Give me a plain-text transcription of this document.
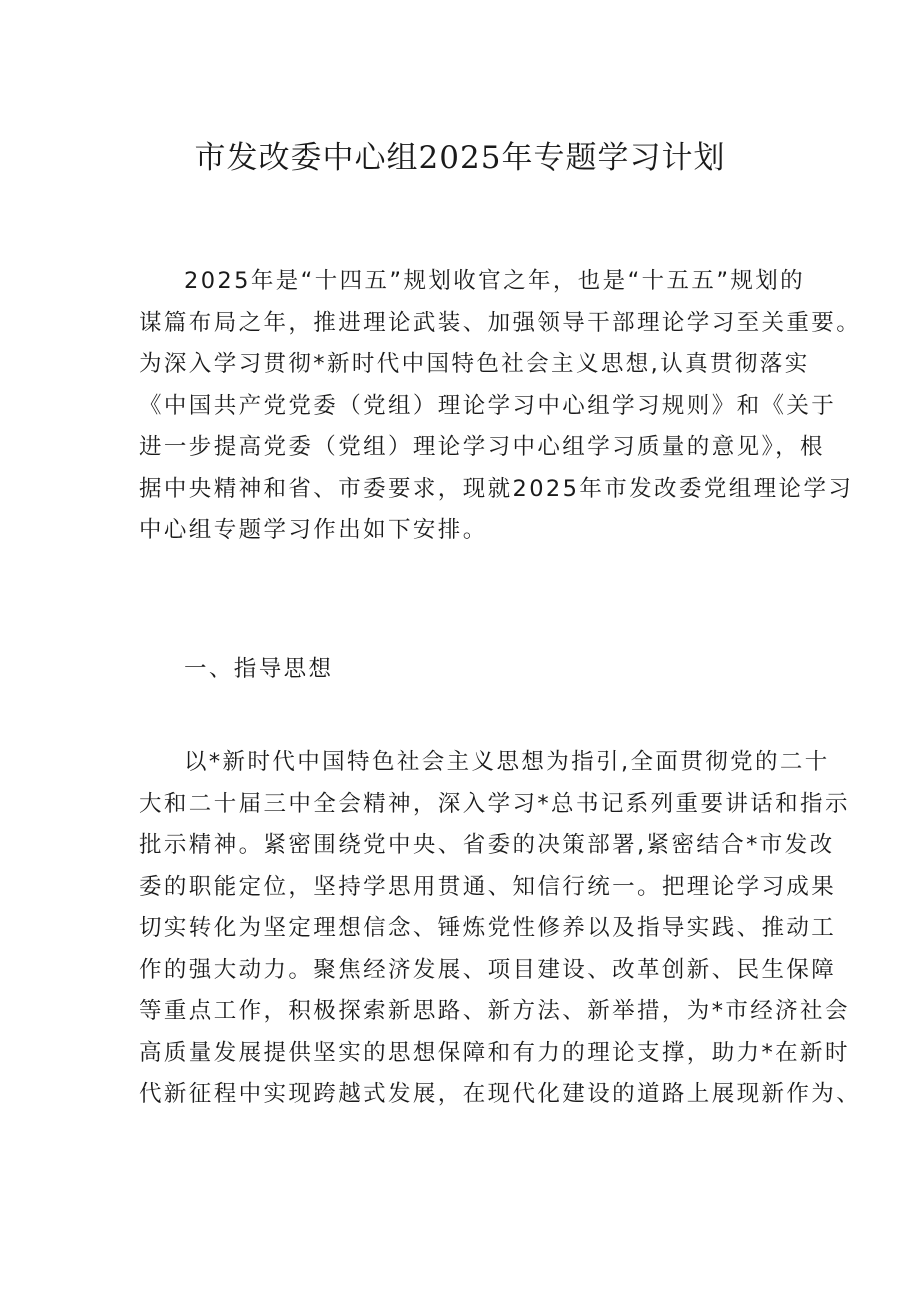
市发改委中心组2025年专题学习计划
2025年是“十四五”规划收官之年，也是“十五五”规划的
谋篇布局之年，推进理论武装、加强领导干部理论学习至关重要。
为深入学习贯彻*新时代中国特色社会主义思想,认真贯彻落实
《中国共产党党委（党组）理论学习中心组学习规则》和《关于
进一步提高党委（党组）理论学习中心组学习质量的意见》，根
据中央精神和省、市委要求，现就2025年市发改委党组理论学习
中心组专题学习作出如下安排。
一、指导思想
以*新时代中国特色社会主义思想为指引,全面贯彻党的二十
大和二十届三中全会精神，深入学习*总书记系列重要讲话和指示
批示精神。紧密围绕党中央、省委的决策部署,紧密结合*市发改
委的职能定位，坚持学思用贯通、知信行统一。把理论学习成果
切实转化为坚定理想信念、锤炼党性修养以及指导实践、推动工
作的强大动力。聚焦经济发展、项目建设、改革创新、民生保障
等重点工作，积极探索新思路、新方法、新举措，为*市经济社会
高质量发展提供坚实的思想保障和有力的理论支撑，助力*在新时
代新征程中实现跨越式发展，在现代化建设的道路上展现新作为、
